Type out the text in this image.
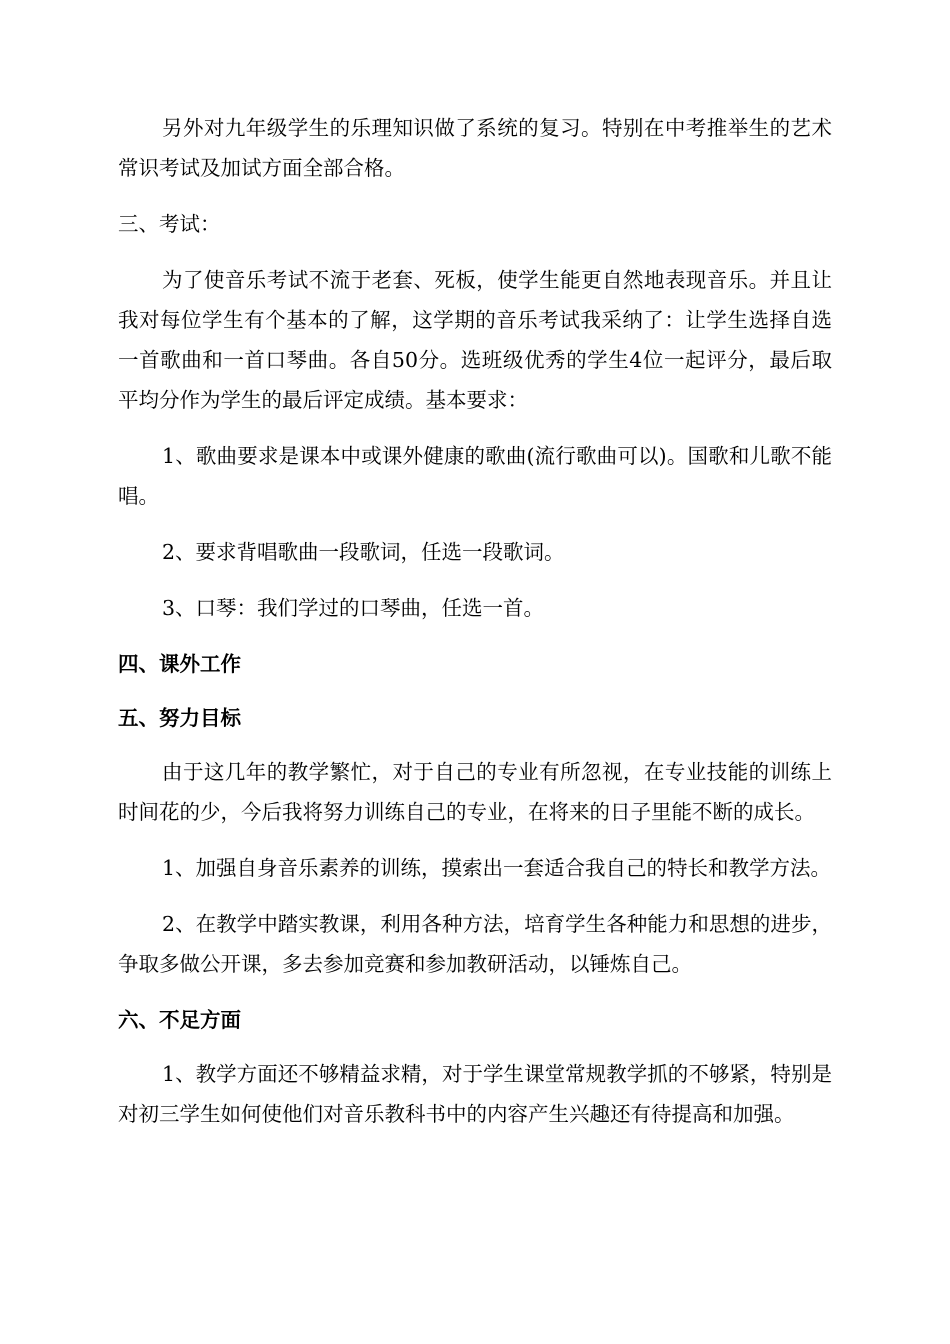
另外对九年级学生的乐理知识做了系统的复习。特别在中考推举生的艺术常识考试及加试方面全部合格。

三、考试：

为了使音乐考试不流于老套、死板，使学生能更自然地表现音乐。并且让我对每位学生有个基本的了解，这学期的音乐考试我采纳了：让学生选择自选一首歌曲和一首口琴曲。各自50分。选班级优秀的学生4位一起评分，最后取平均分作为学生的最后评定成绩。基本要求：

1、歌曲要求是课本中或课外健康的歌曲(流行歌曲可以)。国歌和儿歌不能唱。

2、要求背唱歌曲一段歌词，任选一段歌词。

3、口琴：我们学过的口琴曲，任选一首。

四、课外工作

五、努力目标

由于这几年的教学繁忙，对于自己的专业有所忽视，在专业技能的训练上时间花的少，今后我将努力训练自己的专业，在将来的日子里能不断的成长。

1、加强自身音乐素养的训练，摸索出一套适合我自己的特长和教学方法。

2、在教学中踏实教课，利用各种方法，培育学生各种能力和思想的进步，争取多做公开课，多去参加竞赛和参加教研活动，以锤炼自己。

六、不足方面

1、教学方面还不够精益求精，对于学生课堂常规教学抓的不够紧，特别是对初三学生如何使他们对音乐教科书中的内容产生兴趣还有待提高和加强。
